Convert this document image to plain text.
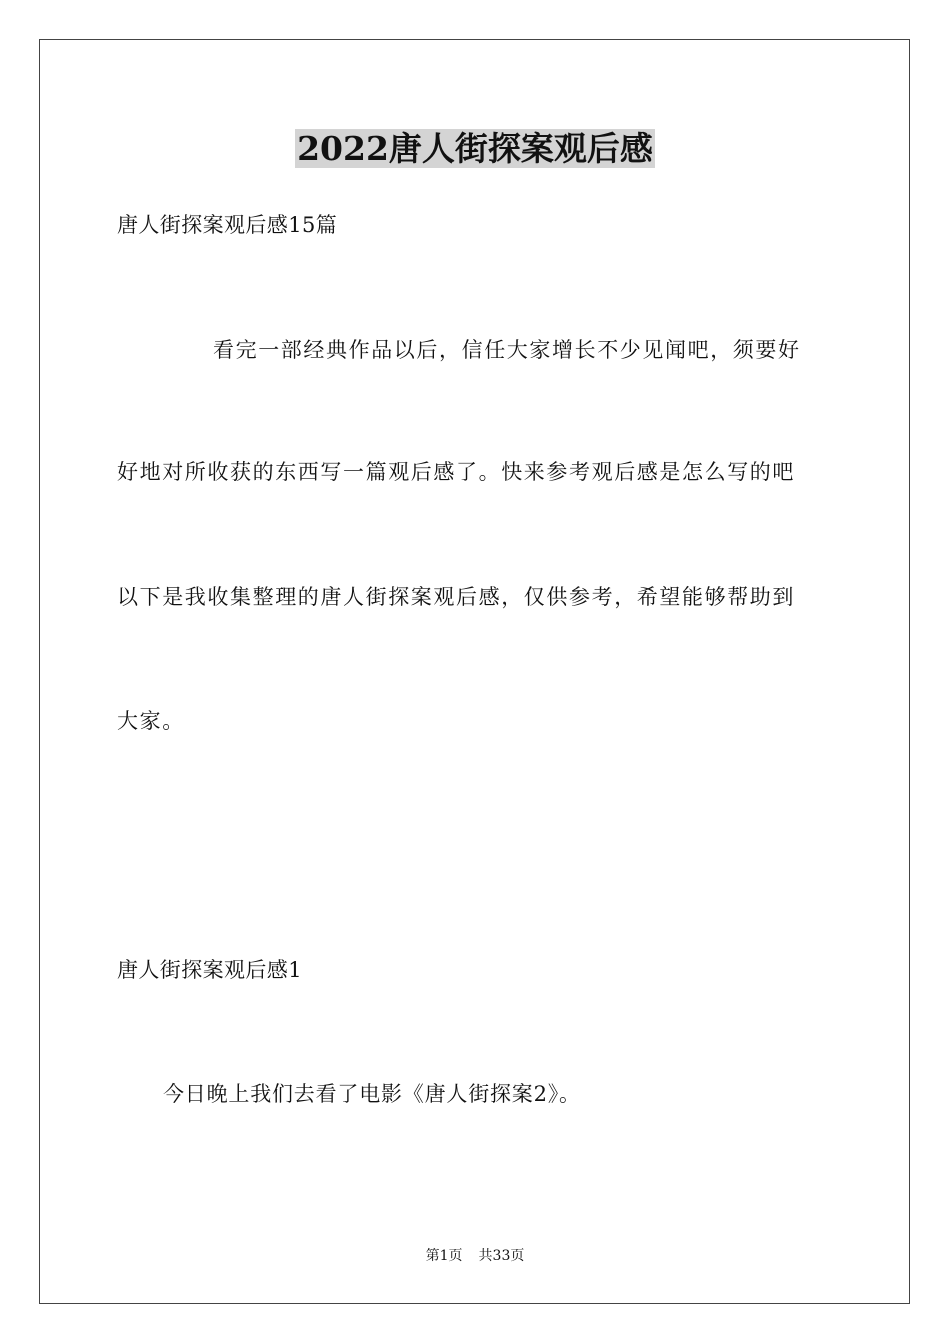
2022唐人街探案观后感
唐人街探案观后感15篇
看完一部经典作品以后，信任大家增长不少见闻吧，须要好
好地对所收获的东西写一篇观后感了。快来参考观后感是怎么写的吧
以下是我收集整理的唐人街探案观后感，仅供参考，希望能够帮助到
大家。
唐人街探案观后感1
今日晚上我们去看了电影《唐人街探案2》。
第1页 共33页
